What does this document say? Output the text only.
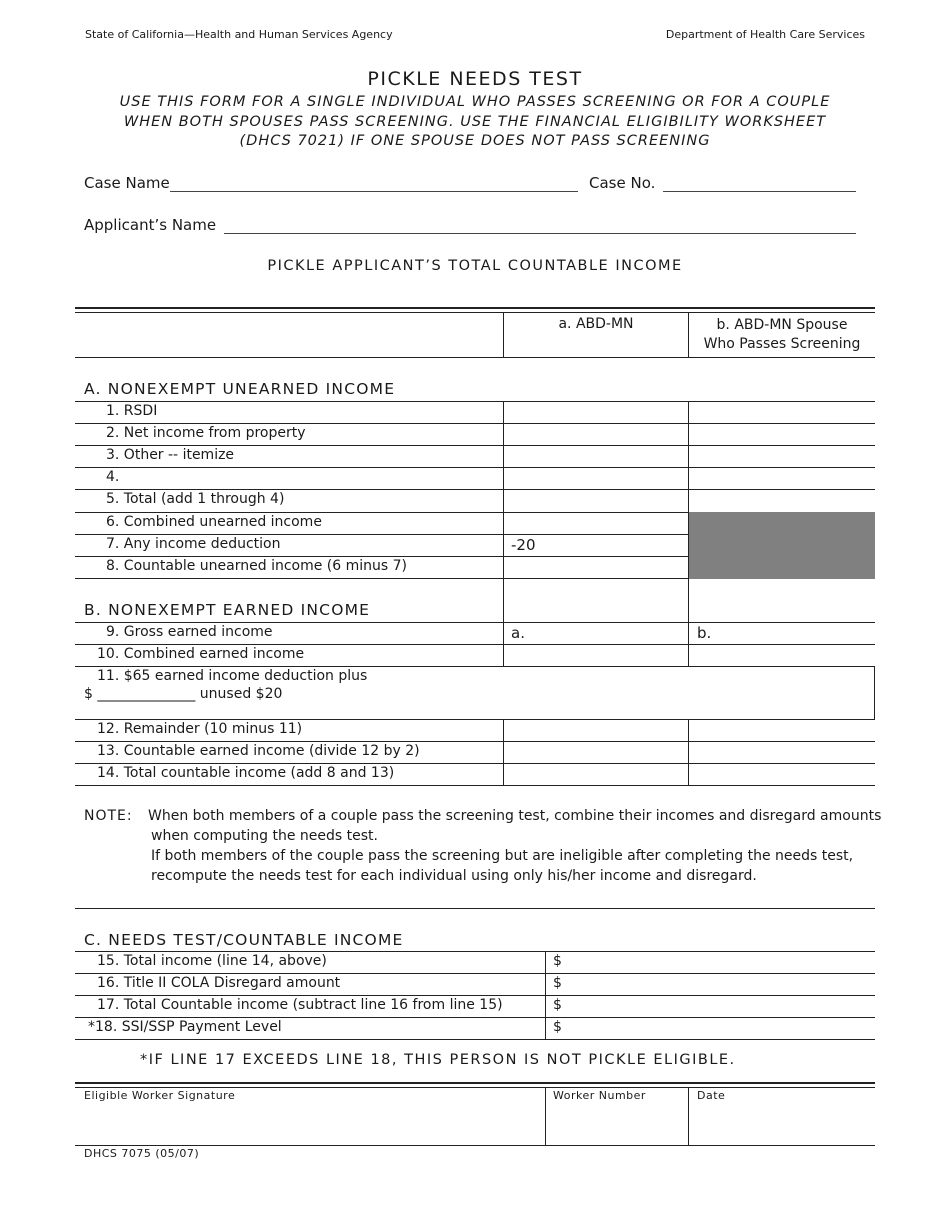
State of California—Health and Human Services Agency	Department of Health Care Services
PICKLE NEEDS TEST
USE THIS FORM FOR A SINGLE INDIVIDUAL WHO PASSES SCREENING OR FOR A COUPLE
WHEN BOTH SPOUSES PASS SCREENING. USE THE FINANCIAL ELIGIBILITY WORKSHEET
(DHCS 7021) IF ONE SPOUSE DOES NOT PASS SCREENING
Case Name	Case No.
Applicant’s Name
PICKLE APPLICANT’S TOTAL COUNTABLE INCOME
a. ABD-MN	b. ABD-MN Spouse
Who Passes Screening
A. NONEXEMPT UNEARNED INCOME
1. RSDI
2. Net income from property
3. Other -- itemize
4.
5. Total (add 1 through 4)
6. Combined unearned income
7. Any income deduction	-20
8. Countable unearned income (6 minus 7)
B. NONEXEMPT EARNED INCOME
9. Gross earned income	a.	b.
10. Combined earned income
11. $65 earned income deduction plus
$ ______________ unused $20
12. Remainder (10 minus 11)
13. Countable earned income (divide 12 by 2)
14. Total countable income (add 8 and 13)
NOTE: When both members of a couple pass the screening test, combine their incomes and disregard amounts
when computing the needs test.
If both members of the couple pass the screening but are ineligible after completing the needs test,
recompute the needs test for each individual using only his/her income and disregard.
C. NEEDS TEST/COUNTABLE INCOME
15. Total income (line 14, above)	$
16. Title II COLA Disregard amount	$
17. Total Countable income (subtract line 16 from line 15)	$
*18. SSI/SSP Payment Level	$
*IF LINE 17 EXCEEDS LINE 18, THIS PERSON IS NOT PICKLE ELIGIBLE.
Eligible Worker Signature	Worker Number	Date
DHCS 7075 (05/07)
